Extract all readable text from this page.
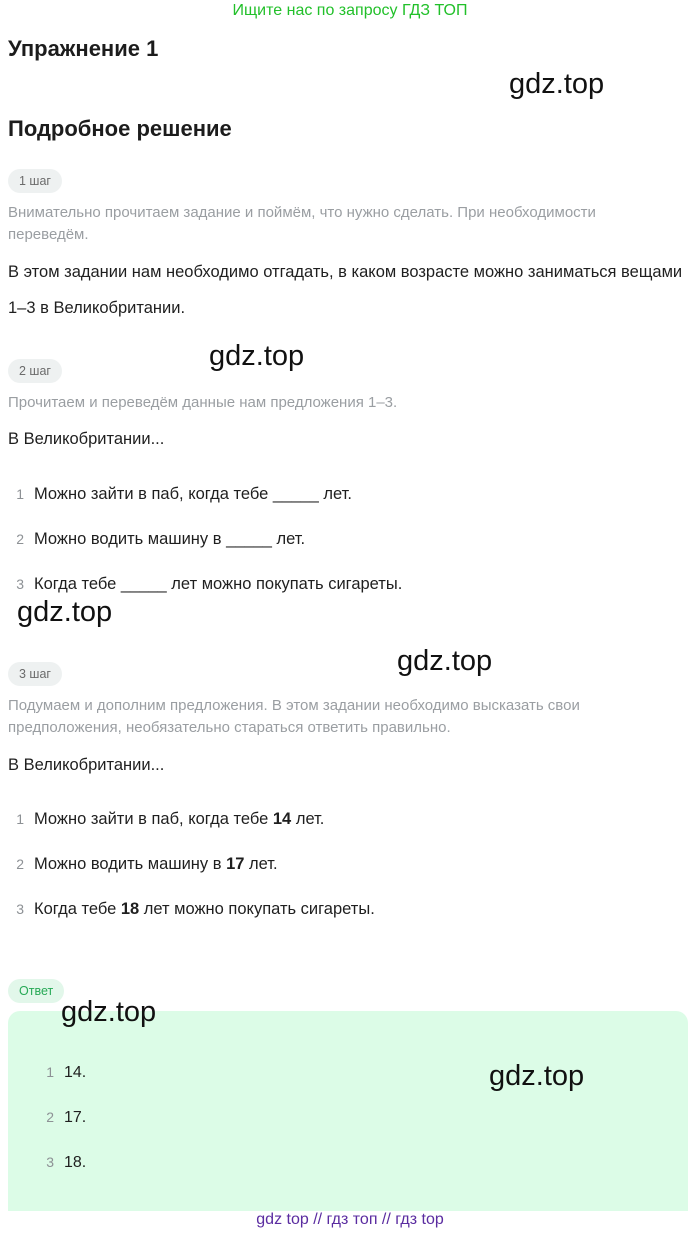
Ищите нас по запросу ГДЗ ТОП
Упражнение 1
gdz.top
Подробное решение
1 шаг
Внимательно прочитаем задание и поймём, что нужно сделать. При необходимости переведём.
В этом задании нам необходимо отгадать, в каком возрасте можно заниматься вещами 1–3 в Великобритании.
2 шаг	gdz.top
Прочитаем и переведём данные нам предложения 1–3.
В Великобритании...
1 Можно зайти в паб, когда тебе _____ лет.
2 Можно водить машину в _____ лет.
3 Когда тебе _____ лет можно покупать сигареты.
gdz.top
3 шаг	gdz.top
Подумаем и дополним предложения. В этом задании необходимо высказать свои предположения, необязательно стараться ответить правильно.
В Великобритании...
1 Можно зайти в паб, когда тебе 14 лет.
2 Можно водить машину в 17 лет.
3 Когда тебе 18 лет можно покупать сигареты.
Ответ
gdz.top
gdz.top
1 14.
2 17.
3 18.
gdz top // гдз топ // гдз top
